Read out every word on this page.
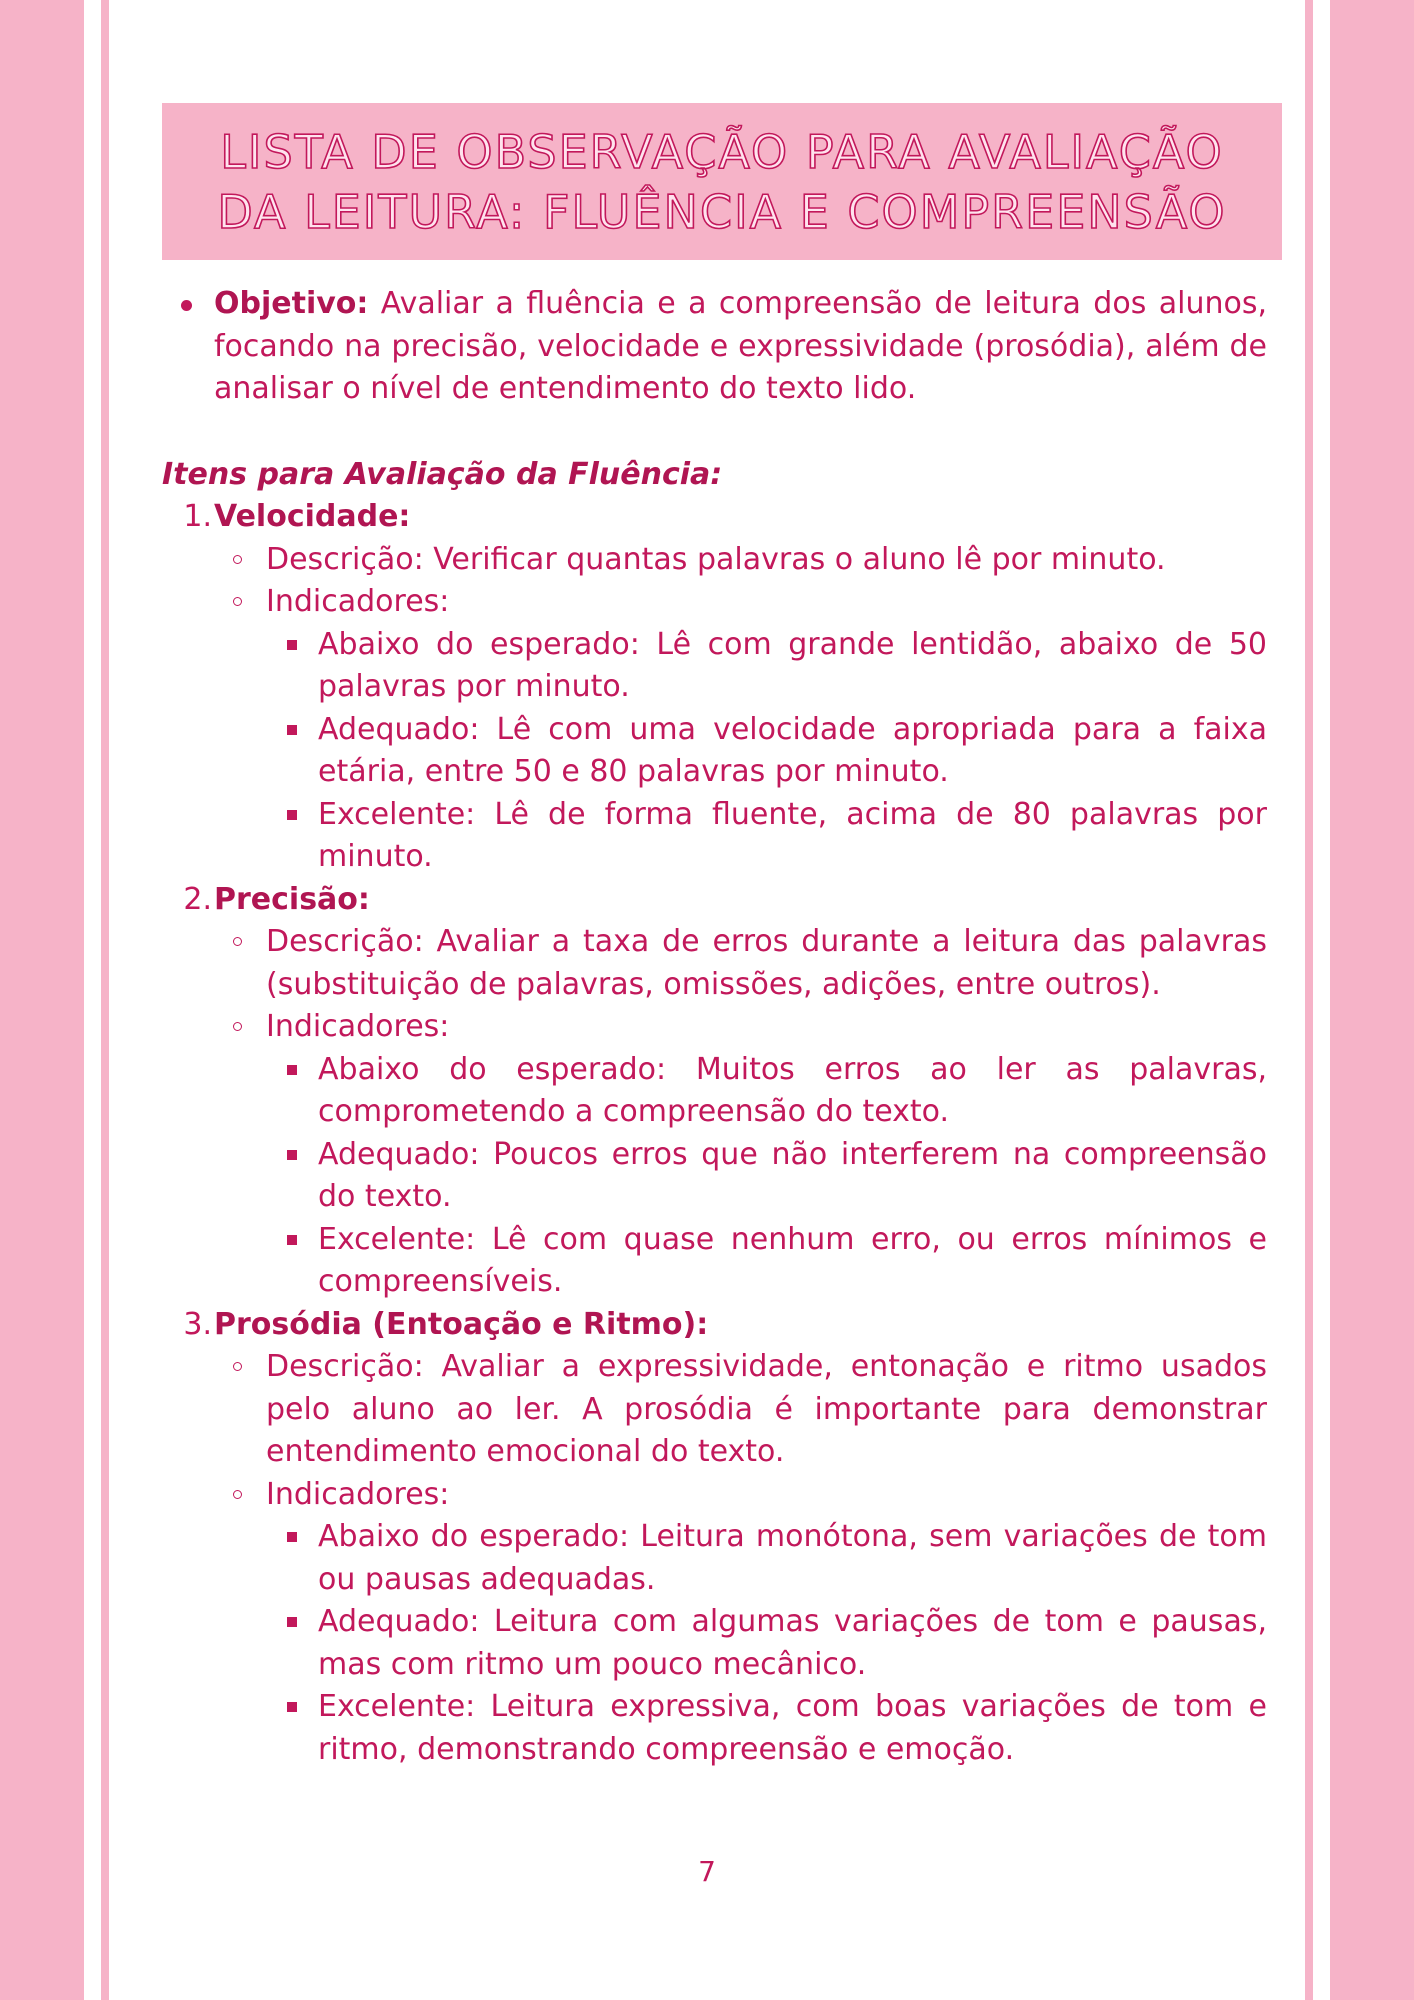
LISTA DE OBSERVAÇÃO PARA AVALIAÇÃO
DA LEITURA: FLUÊNCIA E COMPREENSÃO
Objetivo: Avaliar a fluência e a compreensão de leitura dos alunos, focando na precisão, velocidade e expressividade (prosódia), além de analisar o nível de entendimento do texto lido.
Itens para Avaliação da Fluência:
1. Velocidade:
Descrição: Verificar quantas palavras o aluno lê por minuto.
Indicadores:
Abaixo do esperado: Lê com grande lentidão, abaixo de 50 palavras por minuto.
Adequado: Lê com uma velocidade apropriada para a faixa etária, entre 50 e 80 palavras por minuto.
Excelente: Lê de forma fluente, acima de 80 palavras por minuto.
2. Precisão:
Descrição: Avaliar a taxa de erros durante a leitura das palavras (substituição de palavras, omissões, adições, entre outros).
Indicadores:
Abaixo do esperado: Muitos erros ao ler as palavras, comprometendo a compreensão do texto.
Adequado: Poucos erros que não interferem na compreensão do texto.
Excelente: Lê com quase nenhum erro, ou erros mínimos e compreensíveis.
3. Prosódia (Entoação e Ritmo):
Descrição: Avaliar a expressividade, entonação e ritmo usados pelo aluno ao ler. A prosódia é importante para demonstrar entendimento emocional do texto.
Indicadores:
Abaixo do esperado: Leitura monótona, sem variações de tom ou pausas adequadas.
Adequado: Leitura com algumas variações de tom e pausas, mas com ritmo um pouco mecânico.
Excelente: Leitura expressiva, com boas variações de tom e ritmo, demonstrando compreensão e emoção.
7
